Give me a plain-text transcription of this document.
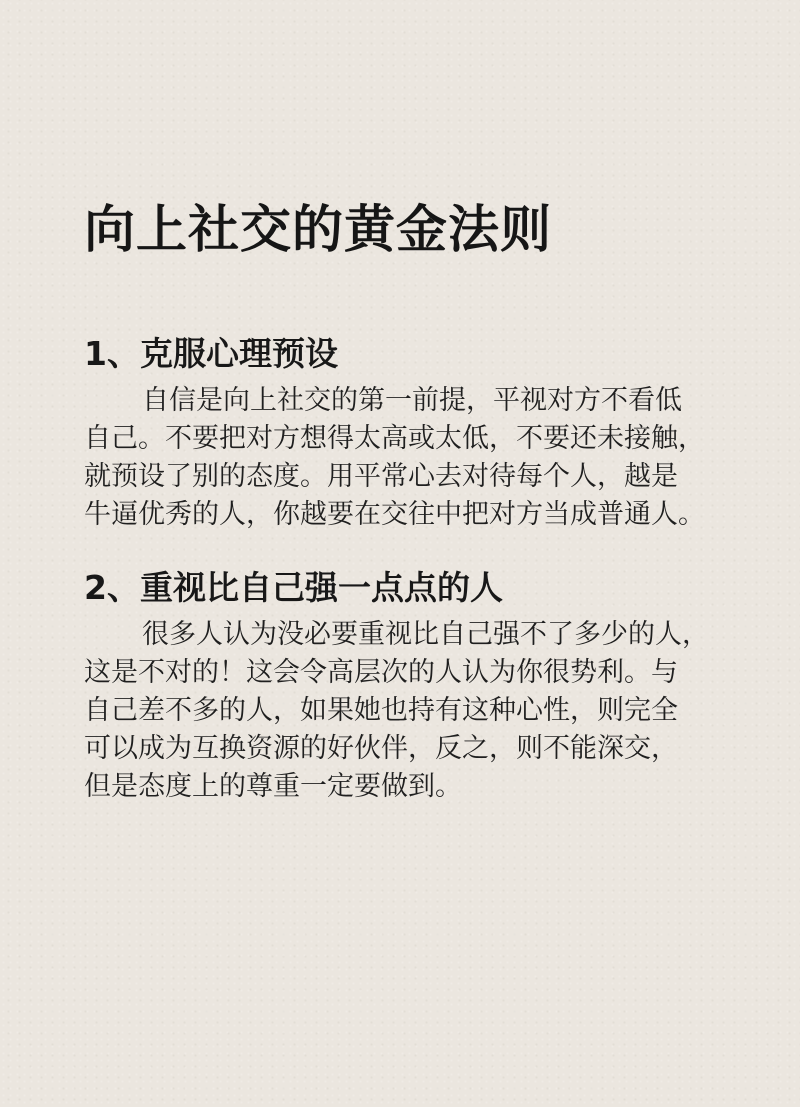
向上社交的黄金法则
1、克服心理预设

自信是向上社交的第一前提，平视对方不看低
自己。不要把对方想得太高或太低，不要还未接触，
就预设了别的态度。用平常心去对待每个人，越是
牛逼优秀的人，你越要在交往中把对方当成普通人。

2、重视比自己强一点点的人

很多人认为没必要重视比自己强不了多少的人，
这是不对的！这会令高层次的人认为你很势利。与
自己差不多的人，如果她也持有这种心性，则完全
可以成为互换资源的好伙伴，反之，则不能深交，
但是态度上的尊重一定要做到。
